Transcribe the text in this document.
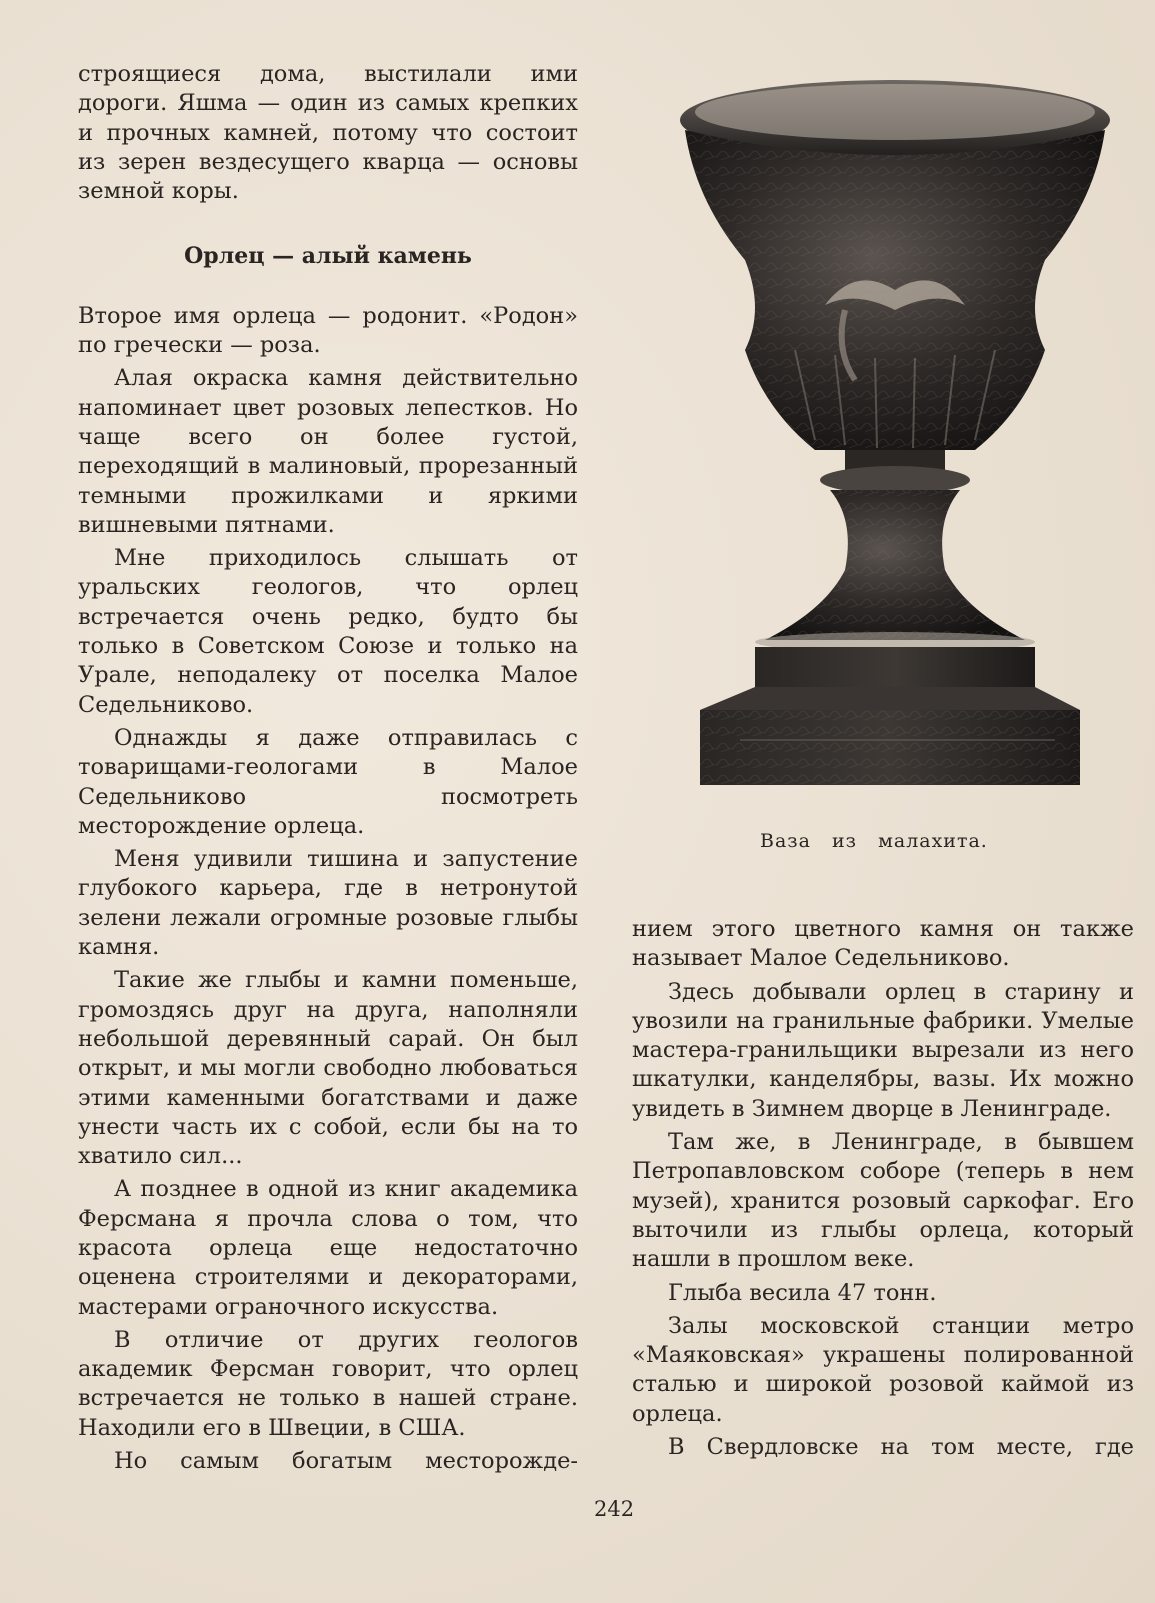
строящиеся дома, выстилали ими дороги. Яшма — один из самых крепких и прочных камней, потому что состоит из зерен вездесущего кварца — основы земной коры.

Орлец — алый камень

Второе имя орлеца — родонит. «Родон» по гречески — роза.

Алая окраска камня действительно напоминает цвет розовых лепестков. Но чаще всего он более густой, переходящий в малиновый, прорезанный темными прожилками и яркими вишневыми пятнами.

Мне приходилось слышать от уральских геологов, что орлец встречается очень редко, будто бы только в Советском Союзе и только на Урале, неподалеку от поселка Малое Седельниково.

Однажды я даже отправилась с товарищами-геологами в Малое Седельниково посмотреть месторождение орлеца.

Меня удивили тишина и запустение глубокого карьера, где в нетронутой зелени лежали огромные розовые глыбы камня.

Такие же глыбы и камни поменьше, громоздясь друг на друга, наполняли небольшой деревянный сарай. Он был открыт, и мы могли свободно любоваться этими каменными богатствами и даже унести часть их с собой, если бы на то хватило сил...

А позднее в одной из книг академика Ферсмана я прочла слова о том, что красота орлеца еще недостаточно оценена строителями и декораторами, мастерами ограночного искусства.

В отличие от других геологов академик Ферсман говорит, что орлец встречается не только в нашей стране. Находили его в Швеции, в США.

Но самым богатым месторожде-

Ваза из малахита.

нием этого цветного камня он также называет Малое Седельниково.

Здесь добывали орлец в старину и увозили на гранильные фабрики. Умелые мастера-гранильщики вырезали из него шкатулки, канделябры, вазы. Их можно увидеть в Зимнем дворце в Ленинграде.

Там же, в Ленинграде, в бывшем Петропавловском соборе (теперь в нем музей), хранится розовый саркофаг. Его выточили из глыбы орлеца, который нашли в прошлом веке.

Глыба весила 47 тонн.

Залы московской станции метро «Маяковская» украшены полированной сталью и широкой розовой каймой из орлеца.

В Свердловске на том месте, где

242
